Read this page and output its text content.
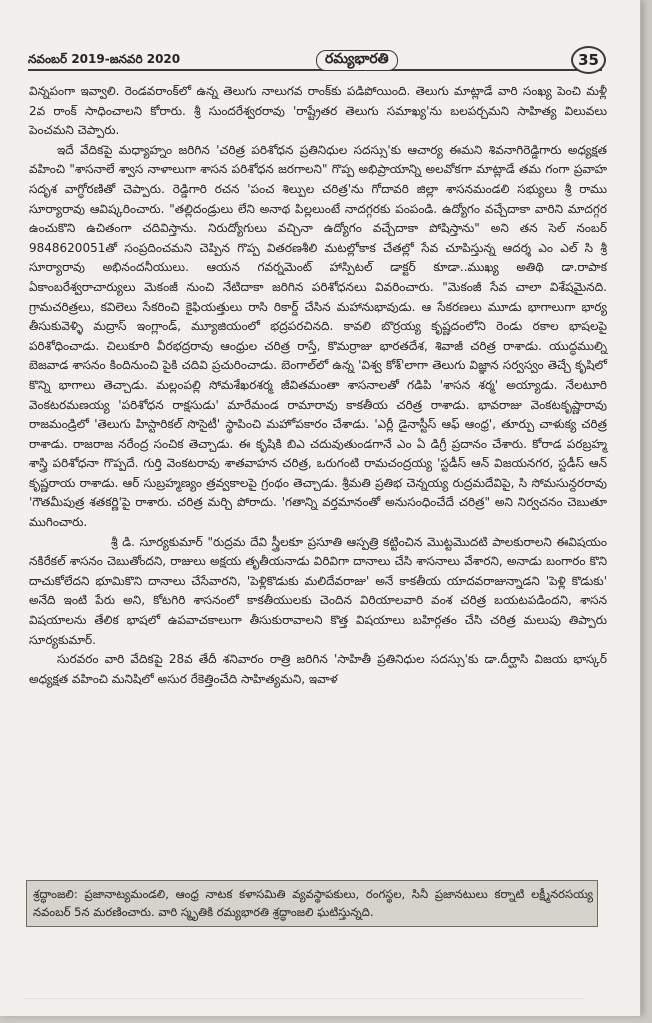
నవంబర్ 2019-జనవరి 2020	రమ్యభారతి	35

విన్నపంగా ఇవ్వాలి. రెండవరాంక్‌లో ఉన్న తెలుగు నాలుగవ రాంక్‌కు పడిపోయింది. తెలుగు మాట్లాడే వారి సంఖ్య పెంచి మళ్లీ 2వ రాంక్ సాధించాలని కోరారు. శ్రీ సుందరేశ్వరరావు 'రాష్ట్రేతర తెలుగు సమాఖ్య'ను బలపర్చమని సాహిత్య విలువలు పెంచమని చెప్పారు.

ఇదే వేదికపై మధ్యాహ్నం జరిగిన 'చరిత్ర పరిశోధన ప్రతినిధుల సదస్సు'కు ఆచార్య ఈమని శివనాగిరెడ్డిగారు అధ్యక్షత వహించి "శాసనాలే శ్వాస నాళాలుగా శాసన పరిశోధన జరగాలని" గొప్ప అభిప్రాయాన్ని అలవోకగా మాట్లాడే తమ గంగా ప్రవాహ సదృశ వాగ్ధోరణితో చెప్పారు. రెడ్డిగారి రచన 'పంచ శిల్పుల చరిత్ర'ను గోదావరి జిల్లా శాసనమండలి సభ్యులు శ్రీ రాము సూర్యారావు ఆవిష్కరించారు. "తల్లిదండ్రులు లేని అనాథ పిల్లలుంటే నాదగ్గరకు పంపండి. ఉద్యోగం వచ్చేదాకా వారిని మాదగ్గర ఉంచుకొని ఉచితంగా చదివిస్తాను. నిరుద్యోగులు వచ్చినా ఉద్యోగం వచ్చేదాకా పోషిస్తాను" అని తన సెల్ నంబర్ 9848620051తో సంప్రదించమని చెప్పిన గొప్ప వితరణశీలి మటల్లోకాక చేతల్లో సేవ చూపిస్తున్న ఆదర్శ ఎం ఎల్ సి శ్రీ సూర్యారావు అభినందనీయులు. ఆయన గవర్నమెంట్ హాస్పిటల్ డాక్టర్ కూడా..ముఖ్య అతిథి డా.రాపాక ఏకాంబరేశ్వరాచార్యులు మెకంజీ నుంచి నేటిదాకా జరిగిన పరిశోధనలు వివరించారు. "మెకంజీ సేవ చాలా విశేషమైనది. గ్రామచరిత్రలు, కవిలెలు సేకరించి కైఫియత్తులు రాసి రికార్డ్ చేసిన మహానుభావుడు. ఆ సేకరణలు మూడు భాగాలుగా భార్య తీసుకువెళ్ళి మద్రాస్ ఇంగ్లాండ్, మ్యూజియంలో భద్రపరచినది. కావలి బొర్రయ్య కృష్ణదంలోని రెండు రకాల భాషలపై పరిశోధించాడు. చిలుకూరి వీరభద్రరావు ఆంధ్రుల చరిత్ర రాస్తే, కొమర్రాజు భారతదేశ, శివాజీ చరిత్ర రాశాడు. యుద్ధముల్ని బెజవాడ శాసనం కిందినుంచి పైకి చదివి ప్రచురించాడు. బెంగాల్‌లో ఉన్న 'విశ్వ కోశ్'లాగా తెలుగు విజ్ఞాన సర్వస్వం తెచ్చే కృషిలో కొన్ని భాగాలు తెచ్చాడు. మల్లంపల్లి సోమశేఖరశర్మ జీవితమంతా శాసనాలతో గడిపి 'శాసన శర్మ' అయ్యాడు. నేలటూరి వెంకటరమణయ్య 'పరిశోధన రాక్షసుడు' మారేమండ రామారావు కాకతీయ చరిత్ర రాశాడు. భావరాజు వెంకటకృష్ణారావు రాజమండ్రిలో 'తెలుగు హిస్టారికల్ సొసైటీ' స్థాపించి మహోపకారం చేశాడు. 'ఎర్లీ డైనాస్టీస్ ఆఫ్ ఆంధ్ర', తూర్పు చాళుక్య చరిత్ర రాశాడు. రాజరాజ నరేంద్ర సంచిక తెచ్చాడు. ఈ కృషికి బిఎ చదువుతుండగానే ఎం ఏ డిగ్రీ ప్రదానం చేశారు. కోరాడ పరబ్రహ్మ శాస్త్రి పరిశోధనా గొప్పదే. గుర్తి వెంకటరావు శాతవాహన చరిత్ర, ఒరుగంటి రామచంద్రయ్య 'స్టడీస్ ఆన్ విజయనగర, స్టడీస్ ఆన్ కృష్ణరాయ రాశాడు. ఆర్ సుబ్రహ్మణ్యం త్రవ్వకాలపై గ్రంథం తెచ్చాడు. శ్రీమతి ప్రతిభ చెన్నయ్య రుద్రమదేవిపై, సి సోమసున్దరరావు 'గౌతమీపుత్ర శతకర్ణి'పై రాశారు. చరిత్ర మర్చి పోరాదు. 'గతాన్ని వర్తమానంతో అనుసంధించేదే చరిత్ర" అని నిర్వచనం చెబుతూ ముగించారు.

శ్రీ డి. సూర్యకుమార్ "రుద్రమ దేవి స్త్రీలకూ ప్రసూతి ఆస్పత్రి కట్టించిన మొట్టమొదటి పాలకురాలని ఈవిషయం నకిరేకల్ శాసనం చెబుతోందని, రాజులు అక్షయ తృతీయనాడు విరివిగా దానాలు చేసి శాసనాలు వేశారని, అనాడు బంగారం కొని దాచుకోలేదని భూమికొని దానాలు చేసేవారని, 'పెళ్లికొడుకు మలిదేవరాజు' అనే కాకతీయ యాదవరాజున్నాడని 'పెళ్లి కొడుకు' అనేది ఇంటి పేరు అని, కోటగిరి శాసనంలో కాకతీయులకు చెందిన విరియాలవారి వంశ చరిత్ర బయటపడిందని, శాసన విషయాలను తేలిక భాషలో ఉపవాచకాలుగా తీసుకురావాలని కొత్త విషయాలు బహిర్గతం చేసి చరిత్ర మలుపు తిప్పారు సూర్యకుమార్.

సురవరం వారి వేదికపై 28వ తేదీ శనివారం రాత్రి జరిగిన 'సాహితీ ప్రతినిధుల సదస్సు'కు డా.దీర్ఘాసి విజయ భాస్కర్ అధ్యక్షత వహించి మనిషిలో అసుర రేకెత్తించేది సాహిత్యమని, ఇవాళ

శ్రద్ధాంజలి: ప్రజానాట్యమండలి, ఆంధ్ర నాటక కళాసమితి వ్యవస్థాపకులు, రంగస్థల, సినీ ప్రజానటులు కర్నాటి లక్ష్మీనరసయ్య నవంబర్ 5న మరణించారు. వారి స్మృతికి రమ్యభారతి శ్రద్ధాంజలి ఘటిస్తున్నది.
